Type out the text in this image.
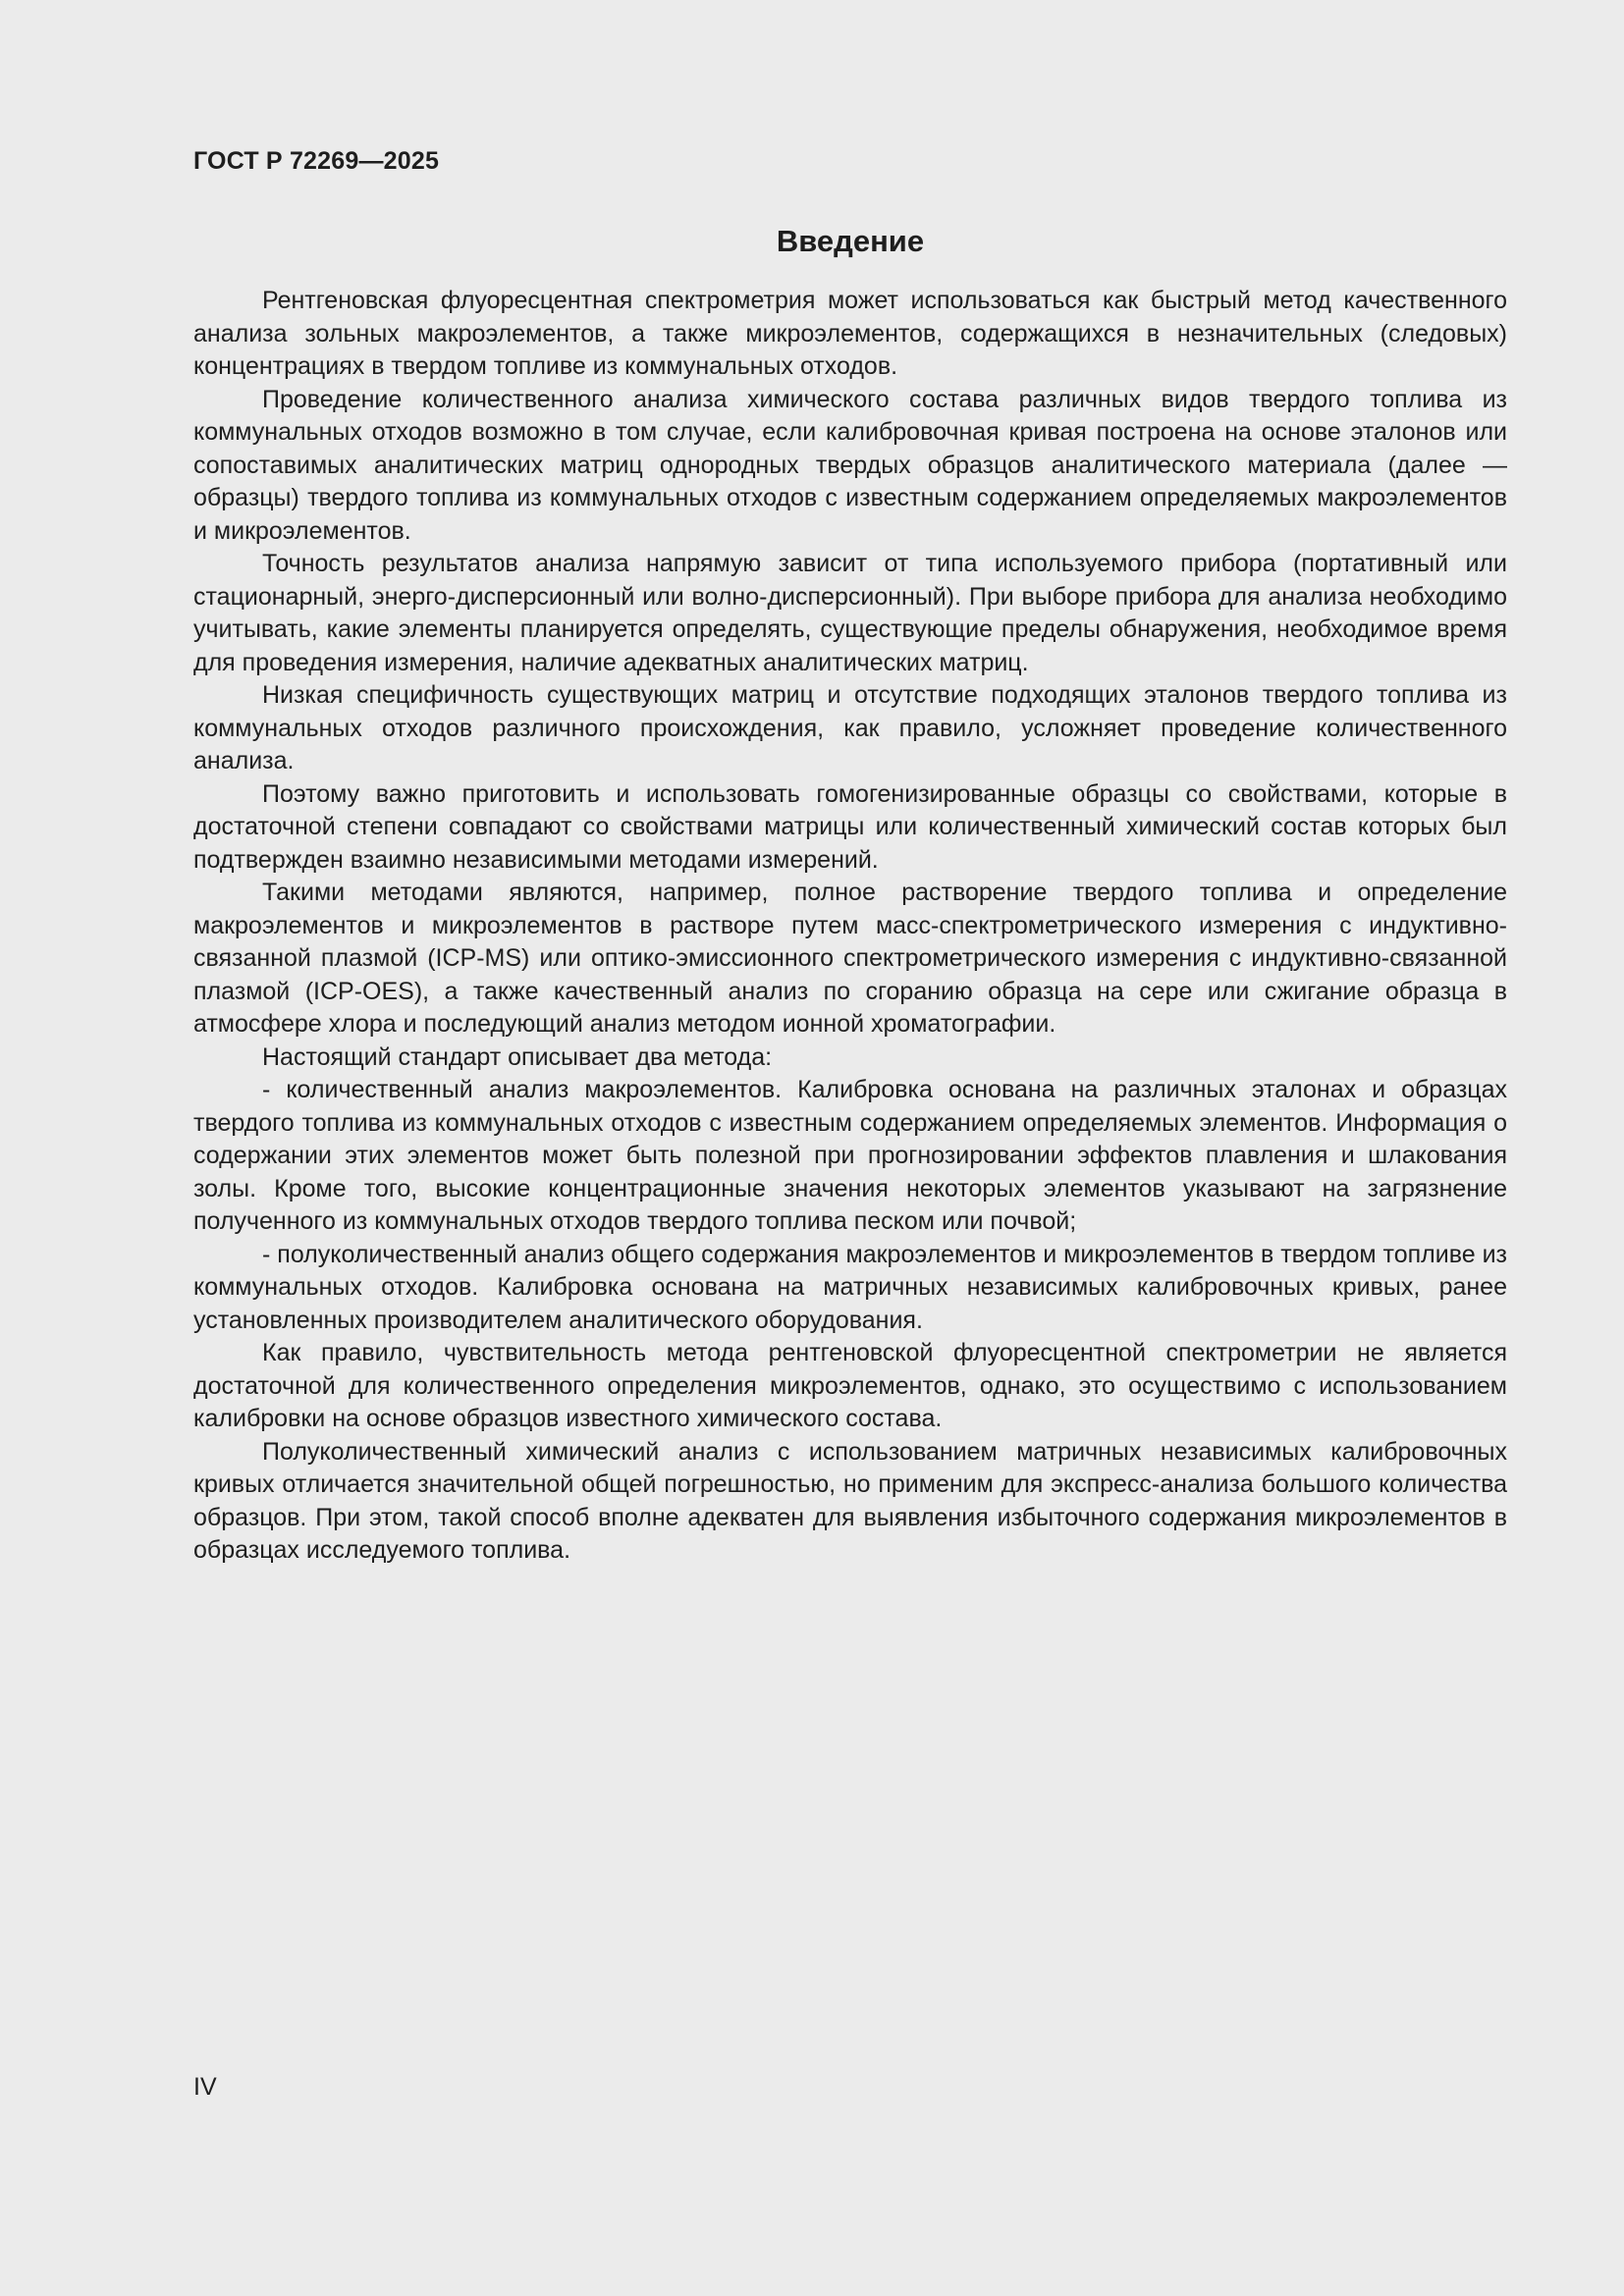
ГОСТ Р 72269—2025
Введение

Рентгеновская флуоресцентная спектрометрия может использоваться как быстрый метод качественного анализа зольных макроэлементов, а также микроэлементов, содержащихся в незначительных (следовых) концентрациях в твердом топливе из коммунальных отходов.

Проведение количественного анализа химического состава различных видов твердого топлива из коммунальных отходов возможно в том случае, если калибровочная кривая построена на основе эталонов или сопоставимых аналитических матриц однородных твердых образцов аналитического материала (далее — образцы) твердого топлива из коммунальных отходов с известным содержанием определяемых макроэлементов и микроэлементов.

Точность результатов анализа напрямую зависит от типа используемого прибора (портативный или стационарный, энерго-дисперсионный или волно-дисперсионный). При выборе прибора для анализа необходимо учитывать, какие элементы планируется определять, существующие пределы обнаружения, необходимое время для проведения измерения, наличие адекватных аналитических матриц.

Низкая специфичность существующих матриц и отсутствие подходящих эталонов твердого топлива из коммунальных отходов различного происхождения, как правило, усложняет проведение количественного анализа.

Поэтому важно приготовить и использовать гомогенизированные образцы со свойствами, которые в достаточной степени совпадают со свойствами матрицы или количественный химический состав которых был подтвержден взаимно независимыми методами измерений.

Такими методами являются, например, полное растворение твердого топлива и определение макроэлементов и микроэлементов в растворе путем масс-спектрометрического измерения с индуктивно-связанной плазмой (ICP-MS) или оптико-эмиссионного спектрометрического измерения с индуктивно-связанной плазмой (ICP-OES), а также качественный анализ по сгоранию образца на сере или сжигание образца в атмосфере хлора и последующий анализ методом ионной хроматографии.

Настоящий стандарт описывает два метода:

- количественный анализ макроэлементов. Калибровка основана на различных эталонах и образцах твердого топлива из коммунальных отходов с известным содержанием определяемых элементов. Информация о содержании этих элементов может быть полезной при прогнозировании эффектов плавления и шлакования золы. Кроме того, высокие концентрационные значения некоторых элементов указывают на загрязнение полученного из коммунальных отходов твердого топлива песком или почвой;

- полуколичественный анализ общего содержания макроэлементов и микроэлементов в твердом топливе из коммунальных отходов. Калибровка основана на матричных независимых калибровочных кривых, ранее установленных производителем аналитического оборудования.

Как правило, чувствительность метода рентгеновской флуоресцентной спектрометрии не является достаточной для количественного определения микроэлементов, однако, это осуществимо с использованием калибровки на основе образцов известного химического состава.

Полуколичественный химический анализ с использованием матричных независимых калибровочных кривых отличается значительной общей погрешностью, но применим для экспресс-анализа большого количества образцов. При этом, такой способ вполне адекватен для выявления избыточного содержания микроэлементов в образцах исследуемого топлива.

IV
